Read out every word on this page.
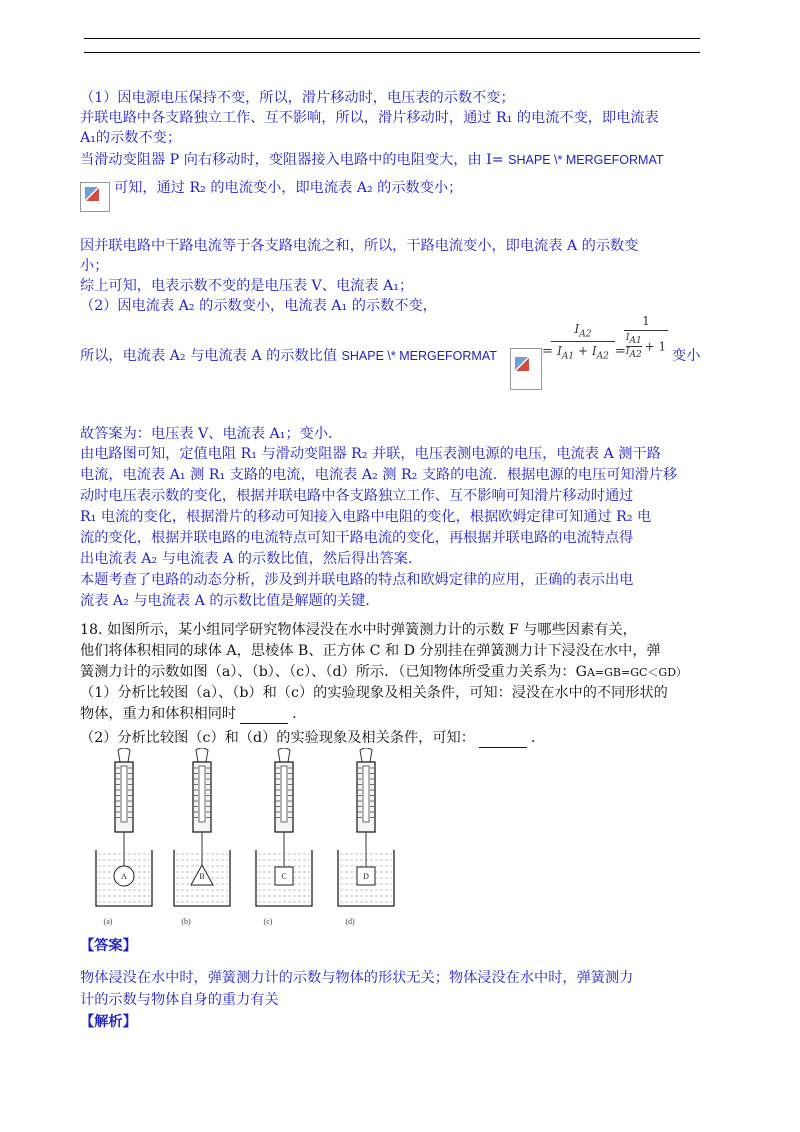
（1）因电源电压保持不变，所以，滑片移动时，电压表的示数不变；
并联电路中各支路独立工作、互不影响，所以，滑片移动时，通过 R₁ 的电流不变，即电流表
A₁的示数不变；
当滑动变阻器 P 向右移动时，变阻器接入电路中的电阻变大，由 I= SHAPE \* MERGEFORMAT
可知，通过 R₂ 的电流变小，即电流表 A₂ 的示数变小；
因并联电路中干路电流等于各支路电流之和，所以，干路电流变小，即电流表 A 的示数变
小；
综上可知，电表示数不变的是电压表 V、电流表 A₁；
（2）因电流表 A₂ 的示数变小，电流表 A₁ 的示数不变，
所以，电流表 A₂ 与电流表 A 的示数比值 SHAPE \* MERGEFORMAT	=
$I_{A2}$
$I_{A1} + I_{A2}$ =
1
$\frac{I_{A1}}{I_{A2}} + 1$
变小
故答案为：电压表 V、电流表 A₁；变小．
由电路图可知，定值电阻 R₁ 与滑动变阻器 R₂ 并联，电压表测电源的电压，电流表 A 测干路
电流，电流表 A₁ 测 R₁ 支路的电流，电流表 A₂ 测 R₂ 支路的电流．根据电源的电压可知滑片移
动时电压表示数的变化，根据并联电路中各支路独立工作、互不影响可知滑片移动时通过
R₁ 电流的变化，根据滑片的移动可知接入电路中电阻的变化，根据欧姆定律可知通过 R₂ 电
流的变化，根据并联电路的电流特点可知干路电流的变化，再根据并联电路的电流特点得
出电流表 A₂ 与电流表 A 的示数比值，然后得出答案．
本题考查了电路的动态分析，涉及到并联电路的特点和欧姆定律的应用，正确的表示出电
流表 A₂ 与电流表 A 的示数比值是解题的关键．
18. 如图所示，某小组同学研究物体浸没在水中时弹簧测力计的示数 F 与哪些因素有关，
他们将体积相同的球体 A，思棱体 B、正方体 C 和 D 分别挂在弹簧测力计下浸没在水中，弹
簧测力计的示数如图（a）、（b）、（c）、（d）所示．（已知物体所受重力关系为：GA=GB=GC＜GD）
（1）分析比较图（a）、（b）和（c）的实验现象及相关条件，可知：浸没在水中的不同形状的
物体，重力和体积相同时	．
（2）分析比较图（c）和（d）的实验现象及相关条件，可知：	．
A
(a)
B
(b)
C
(c)
D
(d)
【答案】
物体浸没在水中时，弹簧测力计的示数与物体的形状无关；物体浸没在水中时，弹簧测力
计的示数与物体自身的重力有关
【解析】
